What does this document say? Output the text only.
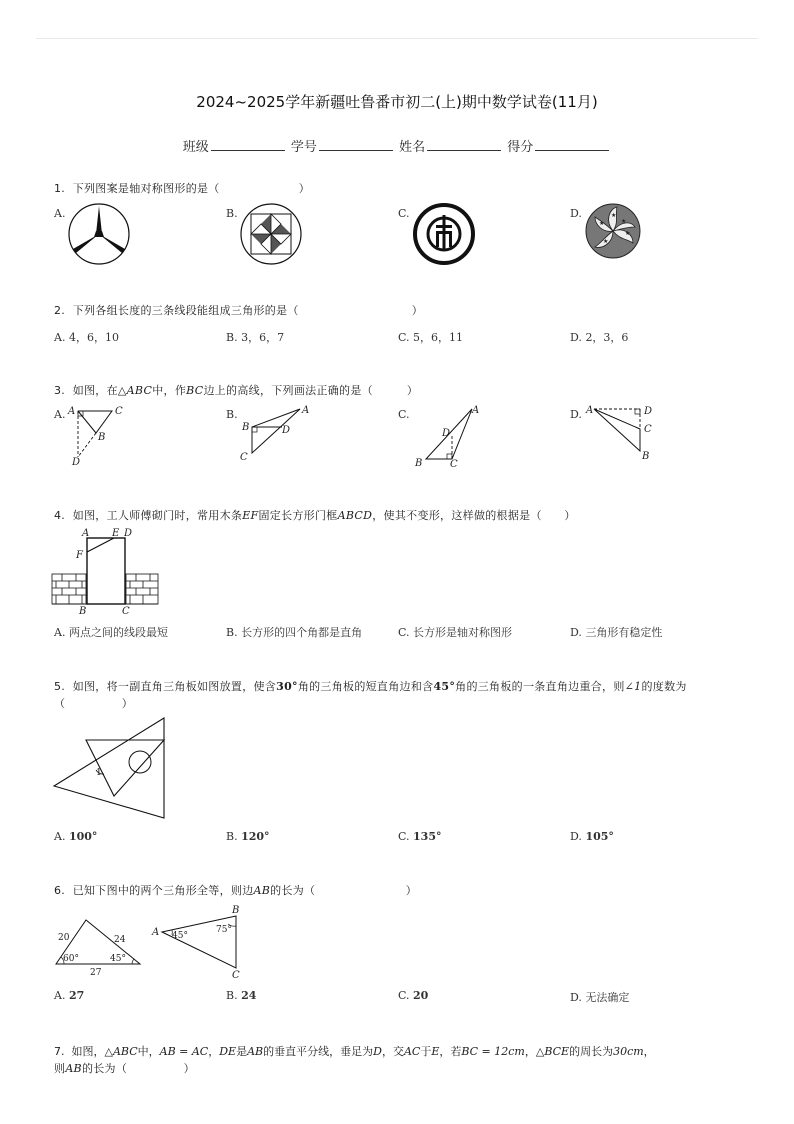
2024~2025学年新疆吐鲁番市初二(上)期中数学试卷(11月)
班级	学号	姓名	得分
1. 下列图案是轴对称图形的是（　　　　　　　）
A.	B.	C.	D.	★
★
★
★	★
2. 下列各组长度的三条线段能组成三角形的是（　　　　　　　　　　）
A. 4，6，10	B. 3，6，7	C. 5，6，11	D. 2，3，6
3. 如图，在△ABC中，作BC边上的高线，下列画法正确的是（　　　）
A.	B.	C.	D.
A	C
B
D
A
B	D
C
A
D
B	C
A	D
C
B
4. 如图，工人师傅砌门时，常用木条EF固定长方形门框ABCD，使其不变形，这样做的根据是（　　）
A E D
F
B	C
A. 两点之间的线段最短	B. 长方形的四个角都是直角	C. 长方形是轴对称图形	D. 三角形有稳定性
5. 如图，将一副直角三角板如图放置，使含30°角的三角板的短直角边和含45°角的三角板的一条直角边重合，则∠1的度数为
（　　　　　）
1
A. 100°	B. 120°	C. 135°	D. 105°
6. 已知下图中的两个三角形全等，则边AB的长为（　　　　　　　　）
20	24
60°	45°
27
B
A 45°
75°
C
A. 27	B. 24	C. 20	D. 无法确定
7. 如图，△ABC中，AB = AC，DE是AB的垂直平分线，垂足为D，交AC于E，若BC = 12cm，△BCE的周长为30cm，
则AB的长为（　　　　　）
